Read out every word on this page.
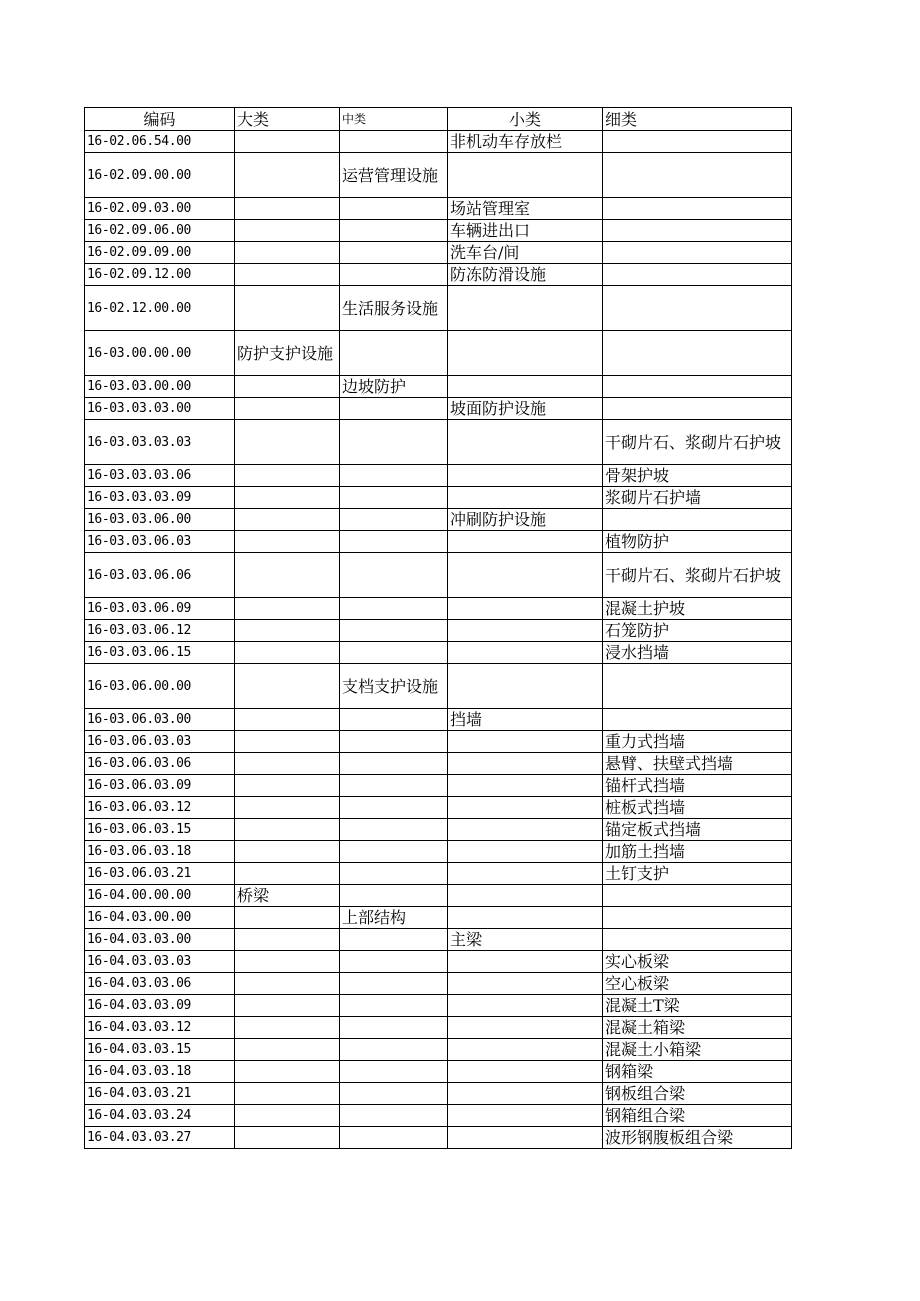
编码	大类	中类	小类	细类
16-02.06.54.00			非机动车存放栏	
16-02.09.00.00		运营管理设施		
16-02.09.03.00			场站管理室	
16-02.09.06.00			车辆进出口	
16-02.09.09.00			洗车台/间	
16-02.09.12.00			防冻防滑设施	
16-02.12.00.00		生活服务设施		
16-03.00.00.00	防护支护设施			
16-03.03.00.00		边坡防护		
16-03.03.03.00			坡面防护设施	
16-03.03.03.03				干砌片石、浆砌片石护坡
16-03.03.03.06				骨架护坡
16-03.03.03.09				浆砌片石护墙
16-03.03.06.00			冲刷防护设施	
16-03.03.06.03				植物防护
16-03.03.06.06				干砌片石、浆砌片石护坡
16-03.03.06.09				混凝土护坡
16-03.03.06.12				石笼防护
16-03.03.06.15				浸水挡墙
16-03.06.00.00		支档支护设施		
16-03.06.03.00			挡墙	
16-03.06.03.03				重力式挡墙
16-03.06.03.06				悬臂、扶壁式挡墙
16-03.06.03.09				锚杆式挡墙
16-03.06.03.12				桩板式挡墙
16-03.06.03.15				锚定板式挡墙
16-03.06.03.18				加筋土挡墙
16-03.06.03.21				土钉支护
16-04.00.00.00	桥梁			
16-04.03.00.00		上部结构		
16-04.03.03.00			主梁	
16-04.03.03.03				实心板梁
16-04.03.03.06				空心板梁
16-04.03.03.09				混凝土T梁
16-04.03.03.12				混凝土箱梁
16-04.03.03.15				混凝土小箱梁
16-04.03.03.18				钢箱梁
16-04.03.03.21				钢板组合梁
16-04.03.03.24				钢箱组合梁
16-04.03.03.27				波形钢腹板组合梁
